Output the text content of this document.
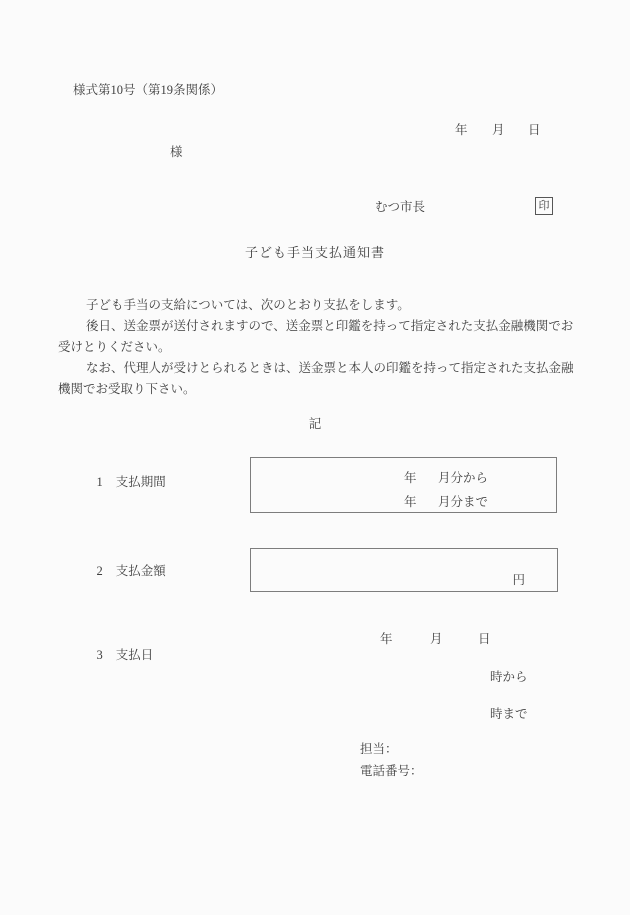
様式第10号（第19条関係）
年 月 日
様
むつ市長	印
子ども手当支払通知書
子ども手当の支給については、次のとおり支払をします。
後日、送金票が送付されますので、送金票と印鑑を持って指定された支払金融機関でお
受けとりください。
なお、代理人が受けとられるときは、送金票と本人の印鑑を持って指定された支払金融
機関でお受取り下さい。
記

1 支払期間
	年 月分から
年 月分まで

2 支払金額

円

3 支払日

年	月	日
時から
時まで
担当：
電話番号：
